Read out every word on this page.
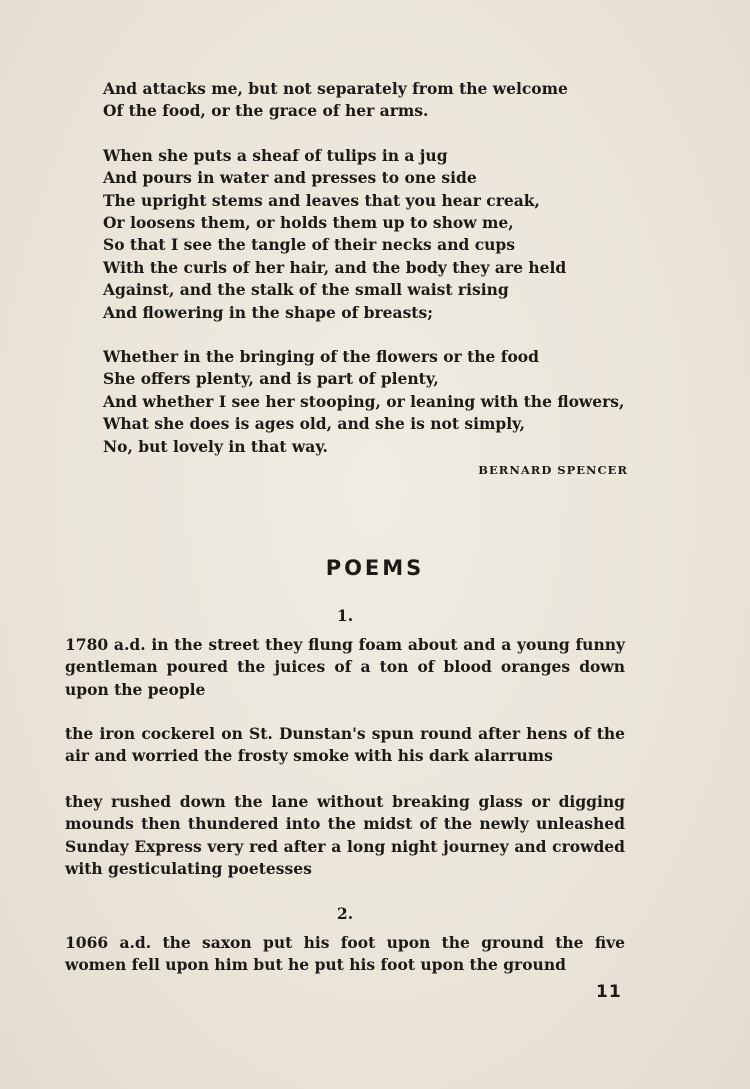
And attacks me, but not separately from the welcome
Of the food, or the grace of her arms.
When she puts a sheaf of tulips in a jug
And pours in water and presses to one side
The upright stems and leaves that you hear creak,
Or loosens them, or holds them up to show me,
So that I see the tangle of their necks and cups
With the curls of her hair, and the body they are held
Against, and the stalk of the small waist rising
And flowering in the shape of breasts;
Whether in the bringing of the flowers or the food
She offers plenty, and is part of plenty,
And whether I see her stooping, or leaning with the flowers,
What she does is ages old, and she is not simply,
No, but lovely in that way.
BERNARD SPENCER
POEMS
1.
1780 a.d. in the street they flung foam about and a young funny gentleman poured the juices of a ton of blood oranges down upon the people
the iron cockerel on St. Dunstan's spun round after hens of the air and worried the frosty smoke with his dark alarrums
they rushed down the lane without breaking glass or digging mounds then thundered into the midst of the newly unleashed Sunday Express very red after a long night journey and crowded with gesticulating poetesses
2.
1066 a.d. the saxon put his foot upon the ground the five women fell upon him but he put his foot upon the ground
11
